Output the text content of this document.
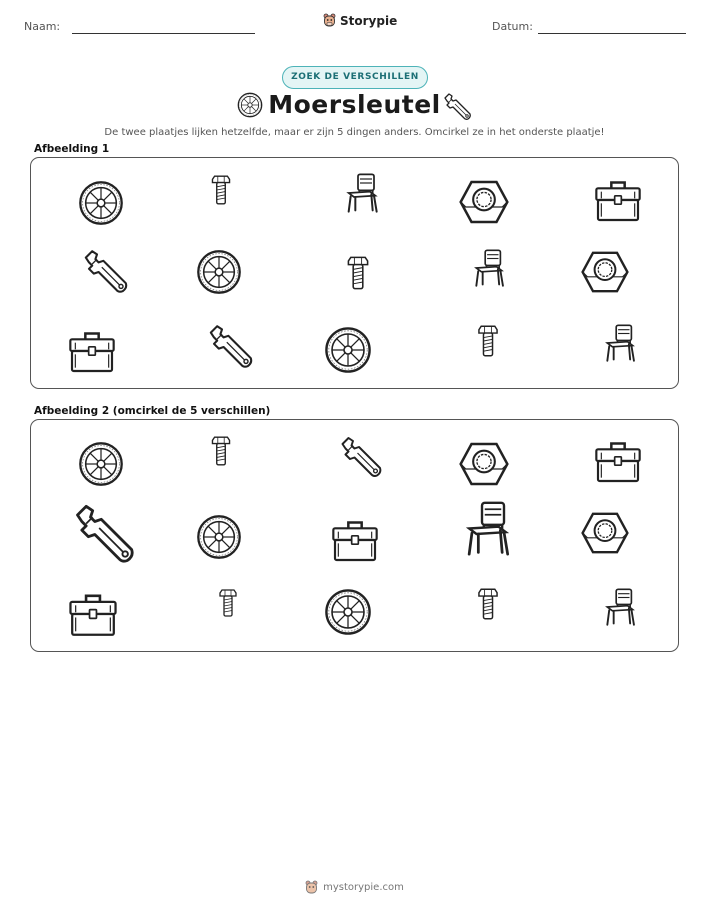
Naam:	Storypie	Datum:
ZOEK DE VERSCHILLEN
Moersleutel
De twee plaatjes lijken hetzelfde, maar er zijn 5 dingen anders. Omcirkel ze in het onderste plaatje!
Afbeelding 1
Afbeelding 2 (omcirkel de 5 verschillen)
mystorypie.com
